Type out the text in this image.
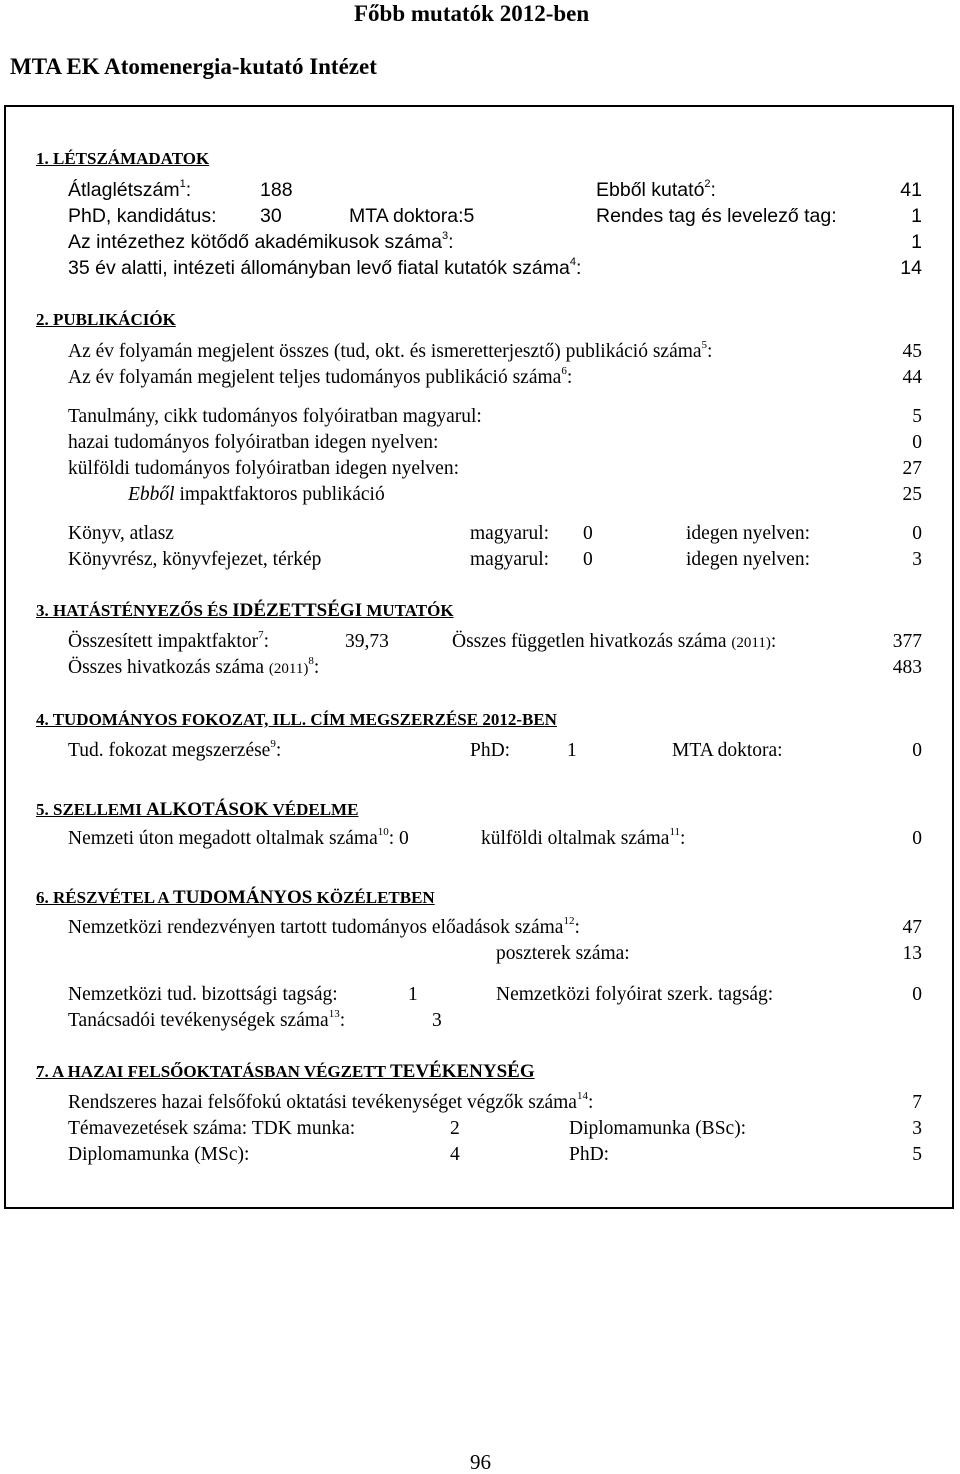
Főbb mutatók 2012-ben
MTA EK Atomenergia-kutató Intézet
1. LÉTSZÁMADATOK
Átlaglétszám$^1$:	188	Ebből kutató$^2$:	41
PhD, kandidátus: 30	MTA doktora:5	Rendes tag és levelező tag:	1
Az intézethez kötődő akadémikusok száma$^3$:	1
35 év alatti, intézeti állományban levő fiatal kutatók száma$^4$:	14
2. PUBLIKÁCIÓK
Az év folyamán megjelent összes (tud, okt. és ismeretterjesztő) publikáció száma$^5$:	45
Az év folyamán megjelent teljes tudományos publikáció száma$^6$:	44
Tanulmány, cikk tudományos folyóiratban magyarul:	5
hazai tudományos folyóiratban idegen nyelven:	0
külföldi tudományos folyóiratban idegen nyelven:	27
Ebből impaktfaktoros publikáció	25
Könyv, atlasz	magyarul: 0	idegen nyelven:	0
Könyvrész, könyvfejezet, térkép	magyarul: 0	idegen nyelven:	3
3. HATÁSTÉNYEZŐS ÉS IDÉZETTSÉGI MUTATÓK
Összesített impaktfaktor$^7$:	39,73	Összes független hivatkozás száma (2011):	377
Összes hivatkozás száma $(2011)^8$:	483
4. TUDOMÁNYOS FOKOZAT, ILL. CÍM MEGSZERZÉSE 2012-BEN
Tud. fokozat megszerzése$^9$:	PhD:	1	MTA doktora:	0
5. SZELLEMI ALKOTÁSOK VÉDELME
Nemzeti úton megadott oltalmak száma$^{10}$: 0	külföldi oltalmak száma$^{11}$:	0
6. RÉSZVÉTEL A TUDOMÁNYOS KÖZÉLETBEN
Nemzetközi rendezvényen tartott tudományos előadások száma$^{12}$:	47
poszterek száma:	13
Nemzetközi tud. bizottsági tagság:	1	Nemzetközi folyóirat szerk. tagság:	0
Tanácsadói tevékenységek száma$^{13}$:	3
7. A HAZAI FELSŐOKTATÁSBAN VÉGZETT TEVÉKENYSÉG
Rendszeres hazai felsőfokú oktatási tevékenységet végzők száma$^{14}$:	7
Témavezetések száma: TDK munka:	2	Diplomamunka (BSc):	3
Diplomamunka (MSc):	4	PhD:	5
96
